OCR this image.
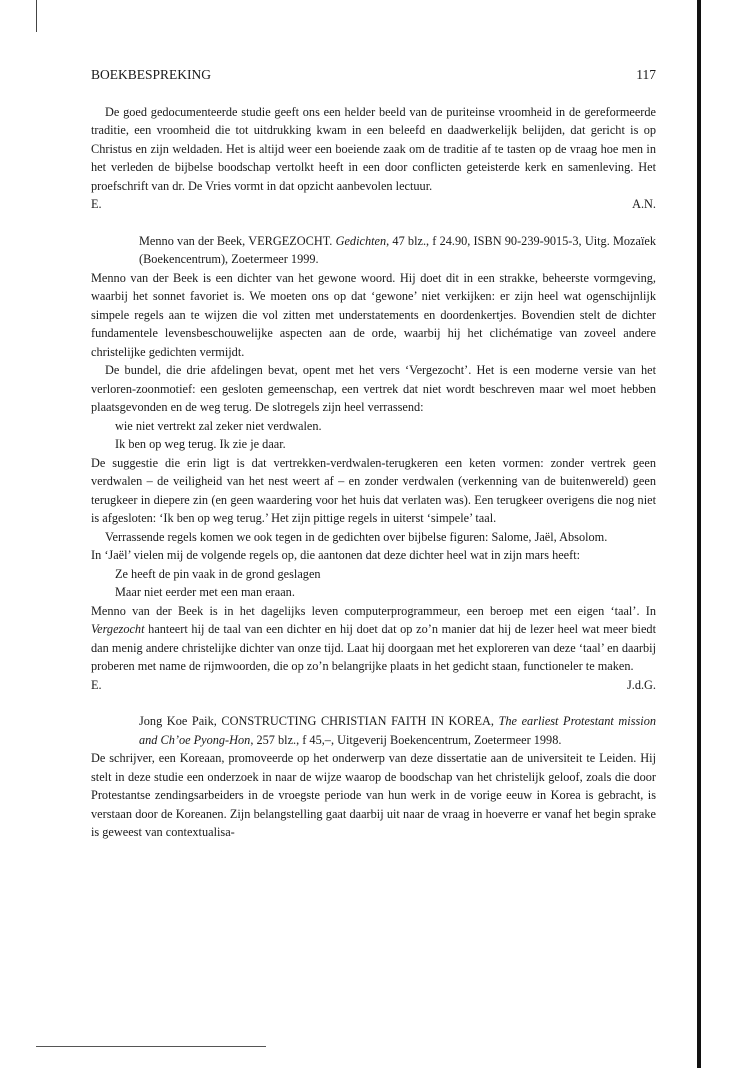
BOEKBESPREKING	117

De goed gedocumenteerde studie geeft ons een helder beeld van de puriteinse vroomheid in de gereformeerde traditie, een vroomheid die tot uitdrukking kwam in een beleefd en daadwerkelijk belijden, dat gericht is op Christus en zijn weldaden. Het is altijd weer een boeiende zaak om de traditie af te tasten op de vraag hoe men in het verleden de bijbelse boodschap vertolkt heeft in een door conflicten geteisterde kerk en samenleving. Het proefschrift van dr. De Vries vormt in dat opzicht aanbevolen lectuur.

E.	A.N.

Menno van der Beek, VERGEZOCHT. Gedichten, 47 blz., f 24.90, ISBN 90-239-9015-3, Uitg. Mozaïek (Boekencentrum), Zoetermeer 1999.

Menno van der Beek is een dichter van het gewone woord. Hij doet dit in een strakke, beheerste vormgeving, waarbij het sonnet favoriet is. We moeten ons op dat ‘gewone’ niet verkijken: er zijn heel wat ogenschijnlijk simpele regels aan te wijzen die vol zitten met understatements en doordenkertjes. Bovendien stelt de dichter fundamentele levensbeschouwelijke aspecten aan de orde, waarbij hij het clichématige van zoveel andere christelijke gedichten vermijdt.

De bundel, die drie afdelingen bevat, opent met het vers ‘Vergezocht’. Het is een moderne versie van het verloren-zoonmotief: een gesloten gemeenschap, een vertrek dat niet wordt beschreven maar wel moet hebben plaatsgevonden en de weg terug. De slotregels zijn heel verrassend:

wie niet vertrekt zal zeker niet verdwalen.

Ik ben op weg terug. Ik zie je daar.

De suggestie die erin ligt is dat vertrekken-verdwalen-terugkeren een keten vormen: zonder vertrek geen verdwalen – de veiligheid van het nest weert af – en zonder verdwalen (verkenning van de buitenwereld) geen terugkeer in diepere zin (en geen waardering voor het huis dat verlaten was). Een terugkeer overigens die nog niet is afgesloten: ‘Ik ben op weg terug.’ Het zijn pittige regels in uiterst ‘simpele’ taal.

Verrassende regels komen we ook tegen in de gedichten over bijbelse figuren: Salome, Jaël, Absolom.

In ‘Jaël’ vielen mij de volgende regels op, die aantonen dat deze dichter heel wat in zijn mars heeft:

Ze heeft de pin vaak in de grond geslagen

Maar niet eerder met een man eraan.

Menno van der Beek is in het dagelijks leven computerprogrammeur, een beroep met een eigen ‘taal’. In Vergezocht hanteert hij de taal van een dichter en hij doet dat op zo’n manier dat hij de lezer heel wat meer biedt dan menig andere christelijke dichter van onze tijd. Laat hij doorgaan met het exploreren van deze ‘taal’ en daarbij proberen met name de rijmwoorden, die op zo’n belangrijke plaats in het gedicht staan, functioneler te maken.

E.	J.d.G.

Jong Koe Paik, CONSTRUCTING CHRISTIAN FAITH IN KOREA, The earliest Protestant mission and Ch’oe Pyong-Hon, 257 blz., f 45,–, Uitgeverij Boekencentrum, Zoetermeer 1998.

De schrijver, een Koreaan, promoveerde op het onderwerp van deze dissertatie aan de universiteit te Leiden. Hij stelt in deze studie een onderzoek in naar de wijze waarop de boodschap van het christelijk geloof, zoals die door Protestantse zendingsarbeiders in de vroegste periode van hun werk in de vorige eeuw in Korea is gebracht, is verstaan door de Koreanen. Zijn belangstelling gaat daarbij uit naar de vraag in hoeverre er vanaf het begin sprake is geweest van contextualisa-
